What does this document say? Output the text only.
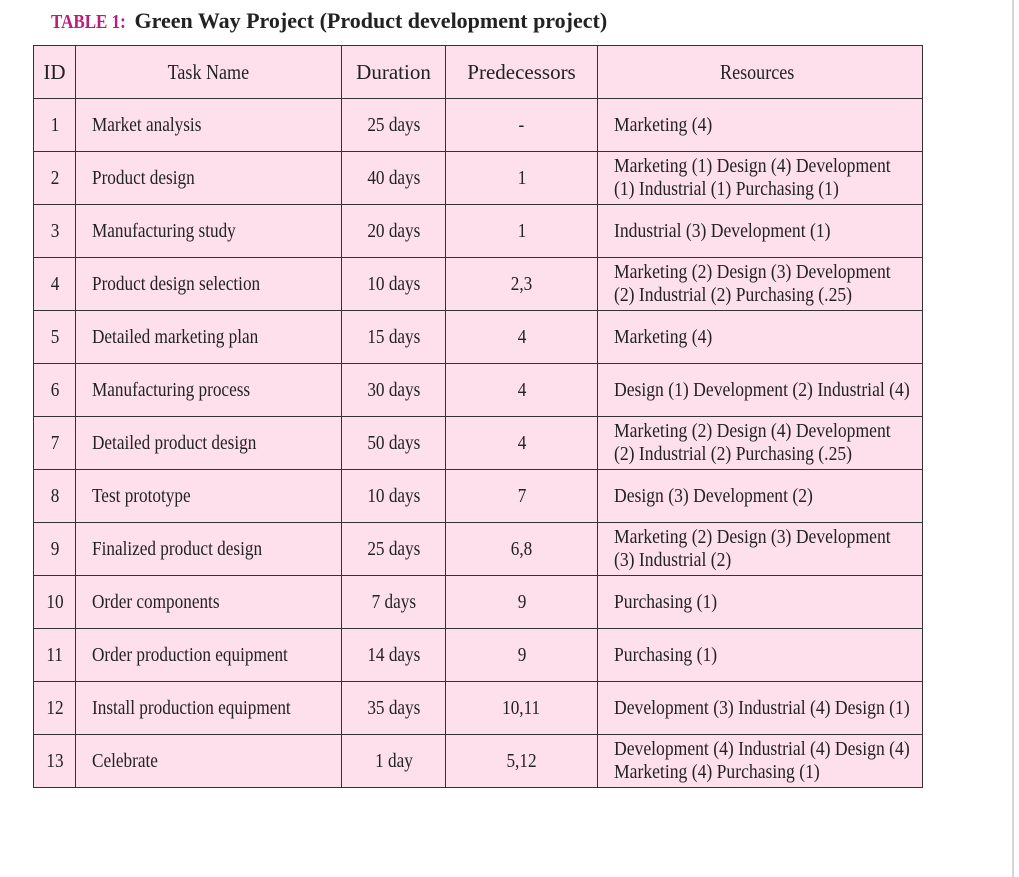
TABLE 1: Green Way Project (Product development project)
ID	Task Name	Duration	Predecessors	Resources
1	Market analysis	25 days	-	Marketing (4)

2	Product design	40 days	1	Marketing (1) Design (4) Development (1) Industrial (1) Purchasing (1)

3	Manufacturing study	20 days	1	Industrial (3) Development (1)

4	Product design selection	10 days	2,3	Marketing (2) Design (3) Development (2) Industrial (2) Purchasing (.25)

5	Detailed marketing plan	15 days	4	Marketing (4)

6	Manufacturing process	30 days	4	Design (1) Development (2) Industrial (4)

7	Detailed product design	50 days	4	Marketing (2) Design (4) Development (2) Industrial (2) Purchasing (.25)

8	Test prototype	10 days	7	Design (3) Development (2)

9	Finalized product design	25 days	6,8	Marketing (2) Design (3) Development (3) Industrial (2)

10	Order components	7 days	9	Purchasing (1)

11	Order production equipment	14 days	9	Purchasing (1)

12	Install production equipment	35 days	10,11	Development (3) Industrial (4) Design (1)

13	Celebrate	1 day	5,12	Development (4) Industrial (4) Design (4) Marketing (4) Purchasing (1)
